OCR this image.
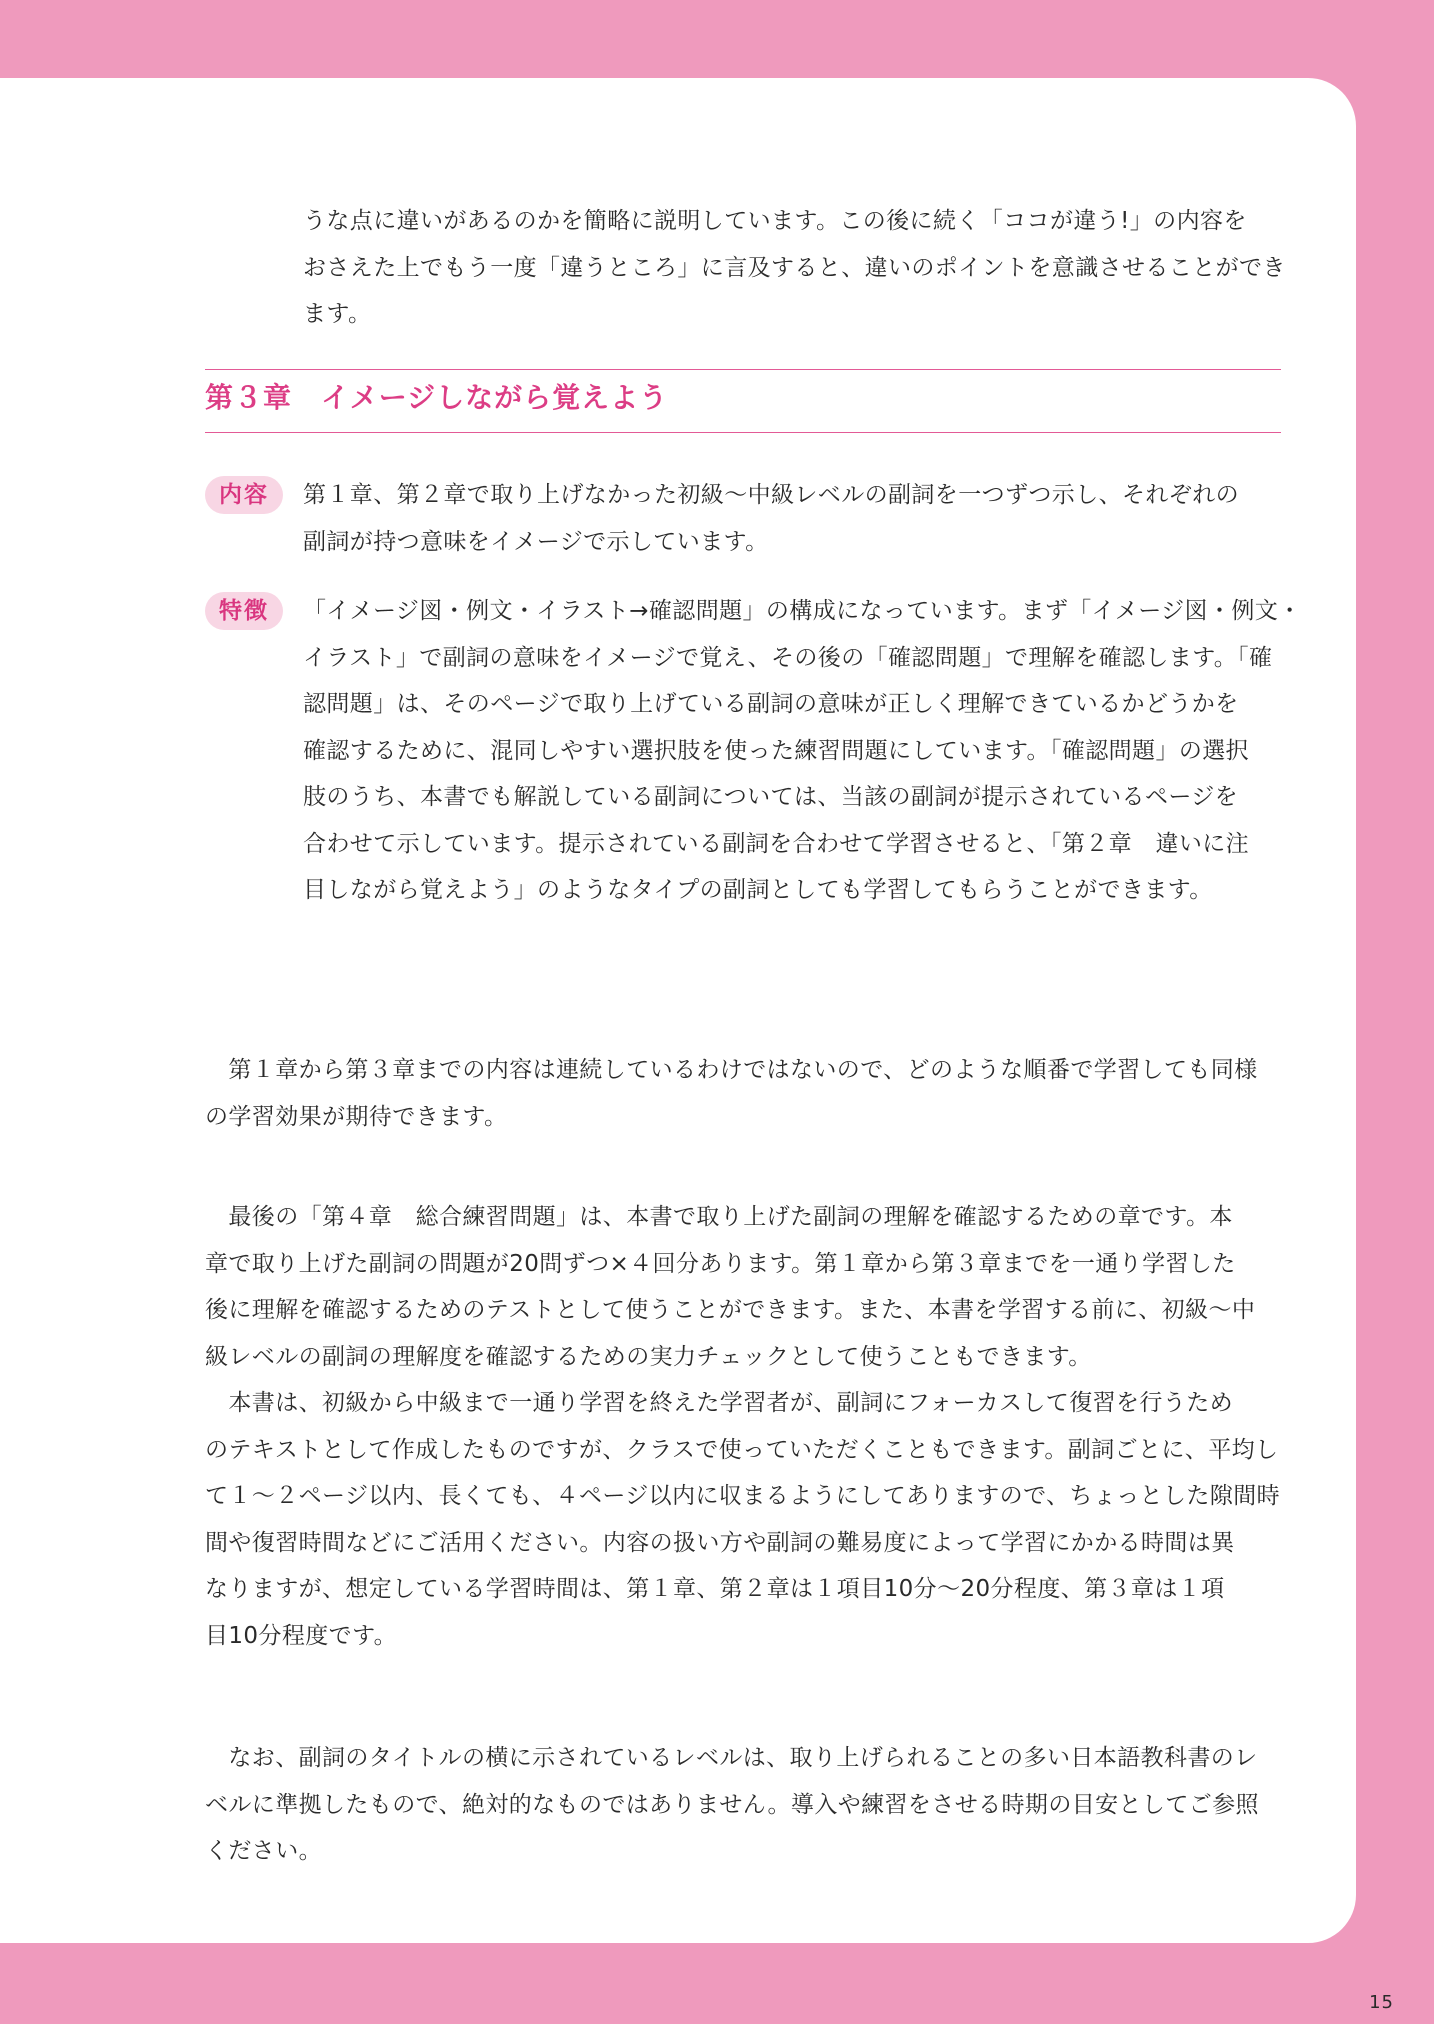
うな点に違いがあるのかを簡略に説明しています。この後に続く「ココが違う!」の内容を
おさえた上でもう一度「違うところ」に言及すると、違いのポイントを意識させることができ
ます。
第３章　イメージしながら覚えよう
内容	第１章、第２章で取り上げなかった初級～中級レベルの副詞を一つずつ示し、それぞれの
副詞が持つ意味をイメージで示しています。
特徴	「イメージ図・例文・イラスト→確認問題」の構成になっています。まず「イメージ図・例文・
イラスト」で副詞の意味をイメージで覚え、その後の「確認問題」で理解を確認します。「確
認問題」は、そのページで取り上げている副詞の意味が正しく理解できているかどうかを
確認するために、混同しやすい選択肢を使った練習問題にしています。「確認問題」の選択
肢のうち、本書でも解説している副詞については、当該の副詞が提示されているページを
合わせて示しています。提示されている副詞を合わせて学習させると、「第２章　違いに注
目しながら覚えよう」のようなタイプの副詞としても学習してもらうことができます。
　第１章から第３章までの内容は連続しているわけではないので、どのような順番で学習しても同様
の学習効果が期待できます。
　最後の「第４章　総合練習問題」は、本書で取り上げた副詞の理解を確認するための章です。本
章で取り上げた副詞の問題が20問ずつ×４回分あります。第１章から第３章までを一通り学習した
後に理解を確認するためのテストとして使うことができます。また、本書を学習する前に、初級～中
級レベルの副詞の理解度を確認するための実力チェックとして使うこともできます。
　本書は、初級から中級まで一通り学習を終えた学習者が、副詞にフォーカスして復習を行うため
のテキストとして作成したものですが、クラスで使っていただくこともできます。副詞ごとに、平均し
て１～２ページ以内、長くても、４ページ以内に収まるようにしてありますので、ちょっとした隙間時
間や復習時間などにご活用ください。内容の扱い方や副詞の難易度によって学習にかかる時間は異
なりますが、想定している学習時間は、第１章、第２章は１項目10分～20分程度、第３章は１項
目10分程度です。
　なお、副詞のタイトルの横に示されているレベルは、取り上げられることの多い日本語教科書のレ
ベルに準拠したもので、絶対的なものではありません。導入や練習をさせる時期の目安としてご参照
ください。
15
